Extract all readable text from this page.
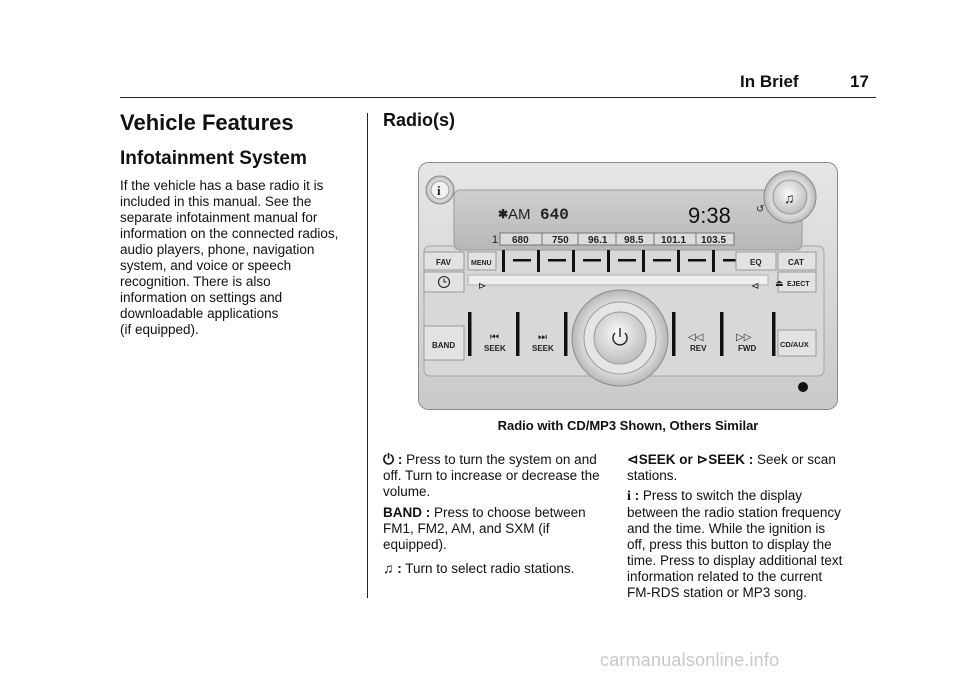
In Brief	17
Vehicle Features
Infotainment System
If the vehicle has a base radio it is
included in this manual. See the
separate infotainment manual for
information on the connected radios,
audio players, phone, navigation
system, and voice or speech
recognition. There is also
information on settings and
downloadable applications
(if equipped).
Radio(s)
✱ AM 640	9:38	↺
1 680 750 96.1 98.5 101.1 103.5
i	♫
FAV	MENU	EQ	CAT
⊳	⊲ ⏏ EJECT
BAND
⏮
SEEK
⏭
SEEK
◁◁
REV
▷▷
FWD	CD/AUX
Radio with CD/MP3 Shown, Others Similar
⏻ : Press to turn the system on and
off. Turn to increase or decrease the
volume.
BAND : Press to choose between
FM1, FM2, AM, and SXM (if
equipped).
♫ : Turn to select radio stations.
⊲SEEK or ⊳SEEK : Seek or scan
stations.
i : Press to switch the display
between the radio station frequency
and the time. While the ignition is
off, press this button to display the
time. Press to display additional text
information related to the current
FM-RDS station or MP3 song.
carmanualsonline.info
